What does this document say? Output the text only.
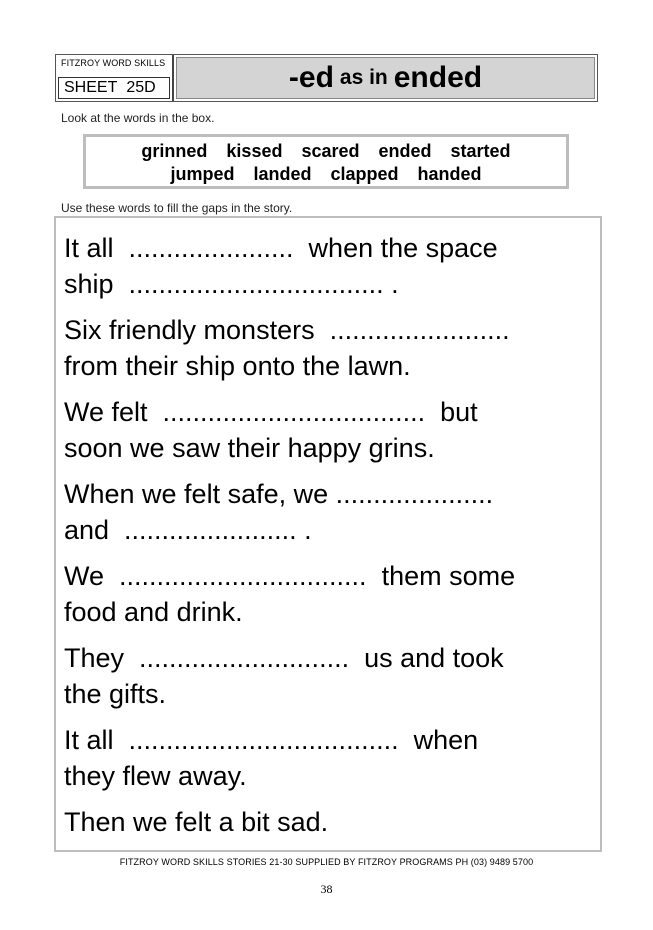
FITZROY WORD SKILLS
SHEET 25D	-ed as in ended
Look at the words in the box.
grinned kissed scared ended started
jumped landed clapped handed
Use these words to fill the gaps in the story.

It all  ......................  when the space
ship  .................................. .

Six friendly monsters  ........................
from their ship onto the lawn.

We felt  ...................................  but
soon we saw their happy grins.

When we felt safe, we .....................
and  ....................... .

We  .................................  them some
food and drink.

They  ............................  us and took
the gifts.

It all  ....................................  when
they flew away.

Then we felt a bit sad.

FITZROY WORD SKILLS STORIES 21-30 SUPPLIED BY FITZROY PROGRAMS PH (03) 9489 5700
38
